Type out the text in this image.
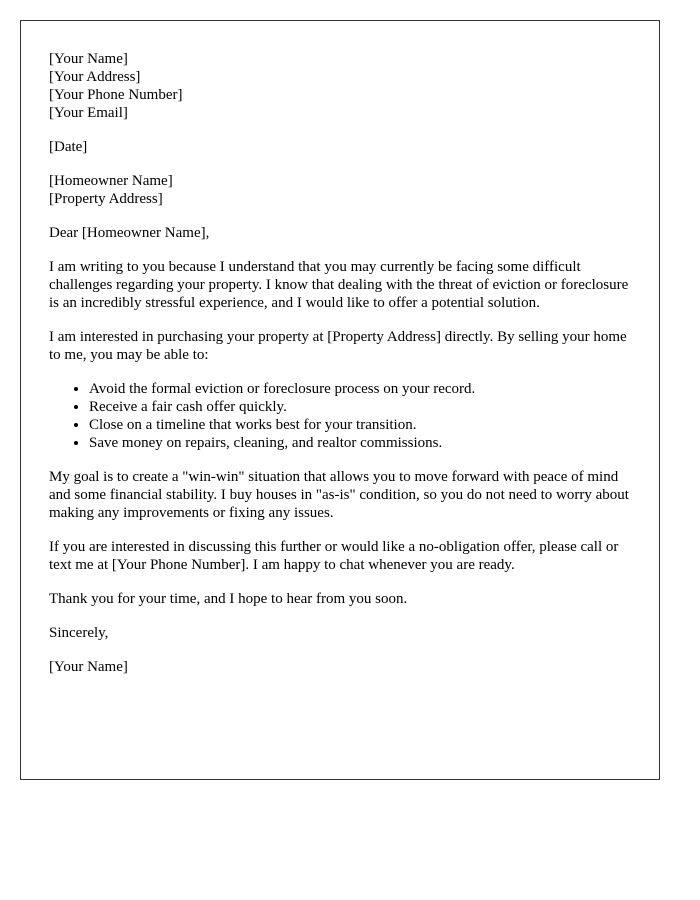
[Your Name]
[Your Address]
[Your Phone Number]
[Your Email]
[Date]
[Homeowner Name]
[Property Address]

Dear [Homeowner Name],

I am writing to you because I understand that you may currently be facing some difficult challenges regarding your property. I know that dealing with the threat of eviction or foreclosure is an incredibly stressful experience, and I would like to offer a potential solution.

I am interested in purchasing your property at [Property Address] directly. By selling your home to me, you may be able to:

• Avoid the formal eviction or foreclosure process on your record.
• Receive a fair cash offer quickly.
• Close on a timeline that works best for your transition.
• Save money on repairs, cleaning, and realtor commissions.

My goal is to create a "win-win" situation that allows you to move forward with peace of mind and some financial stability. I buy houses in "as-is" condition, so you do not need to worry about making any improvements or fixing any issues.

If you are interested in discussing this further or would like a no-obligation offer, please call or text me at [Your Phone Number]. I am happy to chat whenever you are ready.

Thank you for your time, and I hope to hear from you soon.

Sincerely,

[Your Name]
